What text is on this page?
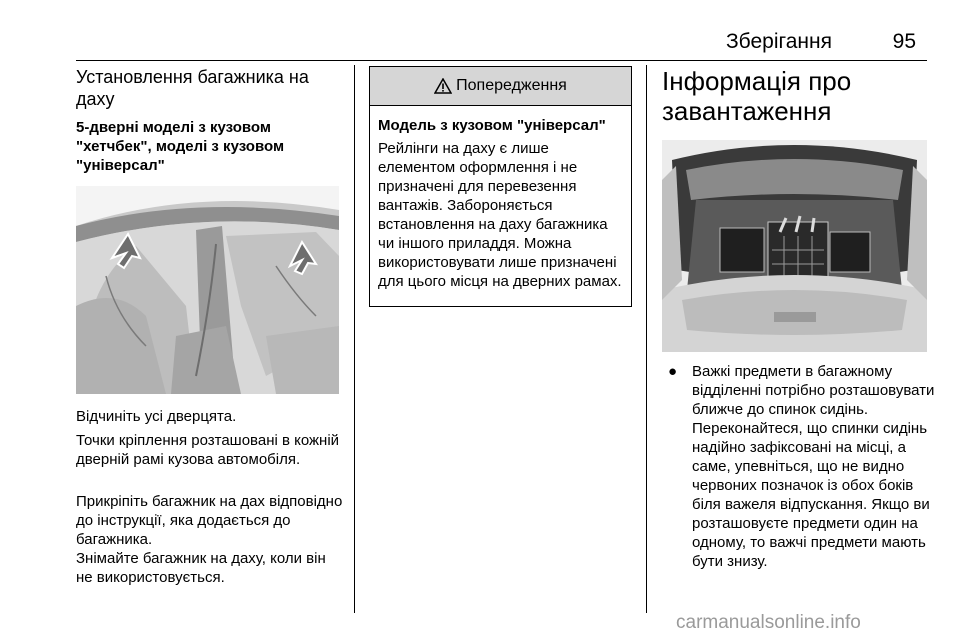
Зберігання	95
Установлення багажника на даху
5-дверні моделі з кузовом "хетчбек", моделі з кузовом "універсал"
Відчиніть усі дверцята.
Точки кріплення розташовані в кожній дверній рамі кузова автомобіля.
Прикріпіть багажник на дах відповідно до інструкції, яка додається до багажника.
Знімайте багажник на даху, коли він не використовується.
Попередження
Модель з кузовом "універсал"
Рейлінги на даху є лише елементом оформлення і не призначені для перевезення вантажів. Забороняється встановлення на даху багажника чи іншого приладдя. Можна використовувати лише призначені для цього місця на дверних рамах.
Інформація про завантаження
● Важкі предмети в багажному відділенні потрібно розташовувати ближче до спинок сидінь. Переконайтеся, що спинки сидінь надійно зафіксовані на місці, а саме, упевніться, що не видно червоних позначок із обох боків біля важеля відпускання. Якщо ви розташовуєте предмети один на одному, то важчі предмети мають бути знизу.
carmanualsonline.info
